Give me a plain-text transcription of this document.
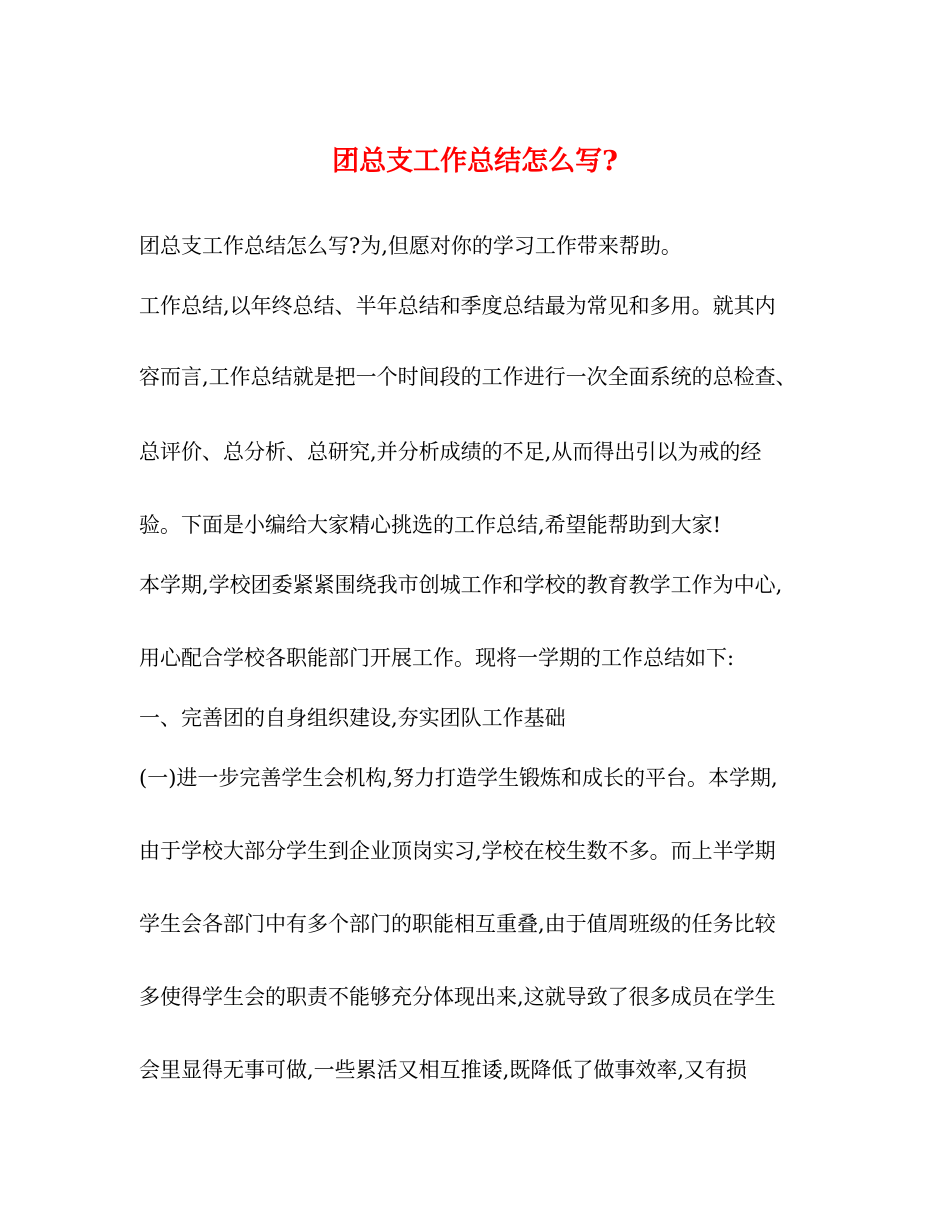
团总支工作总结怎么写?
团总支工作总结怎么写?为,但愿对你的学习工作带来帮助。
工作总结,以年终总结、半年总结和季度总结最为常见和多用。就其内
容而言,工作总结就是把一个时间段的工作进行一次全面系统的总检查、
总评价、总分析、总研究,并分析成绩的不足,从而得出引以为戒的经
验。下面是小编给大家精心挑选的工作总结,希望能帮助到大家!
本学期,学校团委紧紧围绕我市创城工作和学校的教育教学工作为中心,
用心配合学校各职能部门开展工作。现将一学期的工作总结如下:
一、完善团的自身组织建设,夯实团队工作基础
(一)进一步完善学生会机构,努力打造学生锻炼和成长的平台。本学期,
由于学校大部分学生到企业顶岗实习,学校在校生数不多。而上半学期
学生会各部门中有多个部门的职能相互重叠,由于值周班级的任务比较
多使得学生会的职责不能够充分体现出来,这就导致了很多成员在学生
会里显得无事可做,一些累活又相互推诿,既降低了做事效率,又有损
